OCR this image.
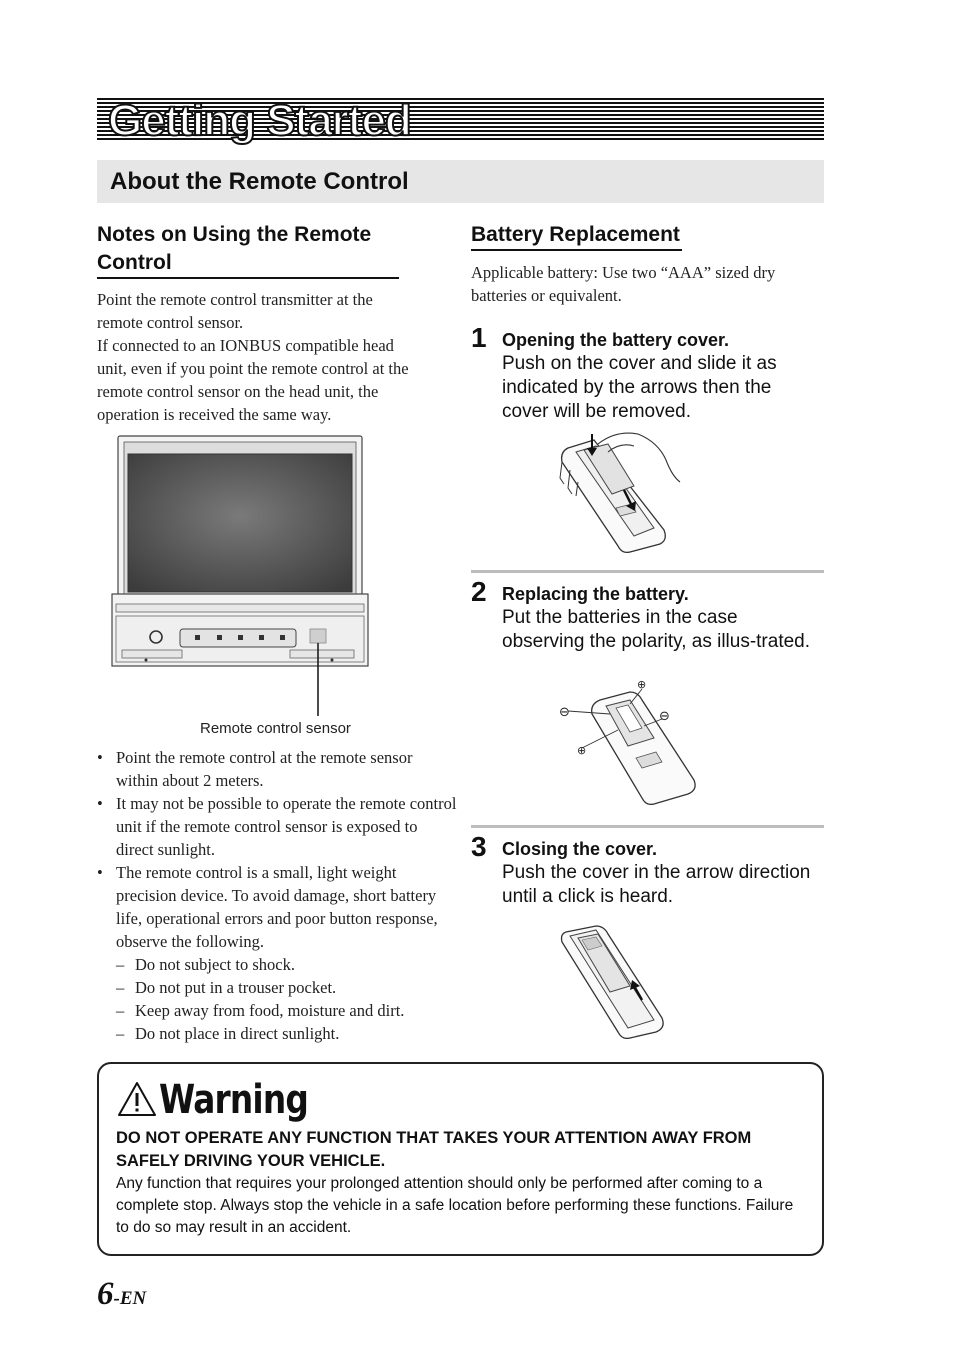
Getting Started
About the Remote Control
Notes on Using the Remote Control
Point the remote control transmitter at the
remote control sensor.
If connected to an IONBUS compatible head
unit, even if you point the remote control at the
remote control sensor on the head unit, the
operation is received the same way.
Remote control sensor
• Point the remote control at the remote sensor within about 2 meters.
• It may not be possible to operate the remote control unit if the remote control sensor is exposed to direct sunlight.
• The remote control is a small, light weight precision device. To avoid damage, short battery life, operational errors and poor button response, observe the following.
– Do not subject to shock.
– Do not put in a trouser pocket.
– Keep away from food, moisture and dirt.
– Do not place in direct sunlight.
Battery Replacement

Applicable battery: Use two “AAA” sized dry batteries or equivalent.

1 Opening the battery cover.

Push on the cover and slide it as indicated by the arrows then the cover will be removed.

2 Replacing the battery.

Put the batteries in the case observing the polarity, as illus-trated.

⊖
⊕
⊖
⊕
3 Closing the cover.

Push the cover in the arrow direction until a click is heard.

Warning

DO NOT OPERATE ANY FUNCTION THAT TAKES YOUR ATTENTION AWAY FROM SAFELY DRIVING YOUR VEHICLE.

Any function that requires your prolonged attention should only be performed after coming to a complete stop. Always stop the vehicle in a safe location before performing these functions. Failure to do so may result in an accident.

6-EN
